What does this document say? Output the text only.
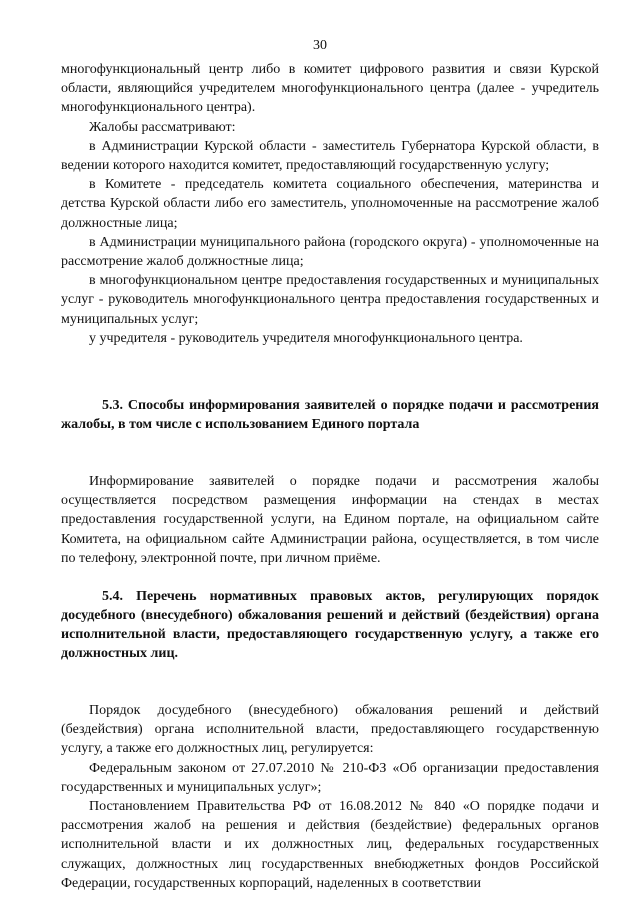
30

многофункциональный центр либо в комитет цифрового развития и связи Курской области, являющийся учредителем многофункционального центра (далее - учредитель многофункционального центра).

Жалобы рассматривают:

в Администрации Курской области - заместитель Губернатора Курской области, в ведении которого находится комитет, предоставляющий государственную услугу;

в Комитете - председатель комитета социального обеспечения, материнства и детства Курской области либо его заместитель, уполномоченные на рассмотрение жалоб должностные лица;

в Администрации муниципального района (городского округа) - уполномоченные на рассмотрение жалоб должностные лица;

в многофункциональном центре предоставления государственных и муниципальных услуг - руководитель многофункционального центра предоставления государственных и муниципальных услуг;

у учредителя - руководитель учредителя многофункционального центра.

5.3. Способы информирования заявителей о порядке подачи и рассмотрения жалобы, в том числе с использованием Единого портала

Информирование заявителей о порядке подачи и рассмотрения жалобы осуществляется посредством размещения информации на стендах в местах предоставления государственной услуги, на Едином портале, на официальном сайте Комитета, на официальном сайте Администрации района, осуществляется, в том числе по телефону, электронной почте, при личном приёме.

5.4. Перечень нормативных правовых актов, регулирующих порядок досудебного (внесудебного) обжалования решений и действий (бездействия) органа исполнительной власти, предоставляющего государственную услугу, а также его должностных лиц.

Порядок досудебного (внесудебного) обжалования решений и действий (бездействия) органа исполнительной власти, предоставляющего государственную услугу, а также его должностных лиц, регулируется:

Федеральным законом от 27.07.2010 № 210-ФЗ «Об организации предоставления государственных и муниципальных услуг»;

Постановлением Правительства РФ от 16.08.2012 № 840 «О порядке подачи и рассмотрения жалоб на решения и действия (бездействие) федеральных органов исполнительной власти и их должностных лиц, федеральных государственных служащих, должностных лиц государственных внебюджетных фондов Российской Федерации, государственных корпораций, наделенных в соответствии
